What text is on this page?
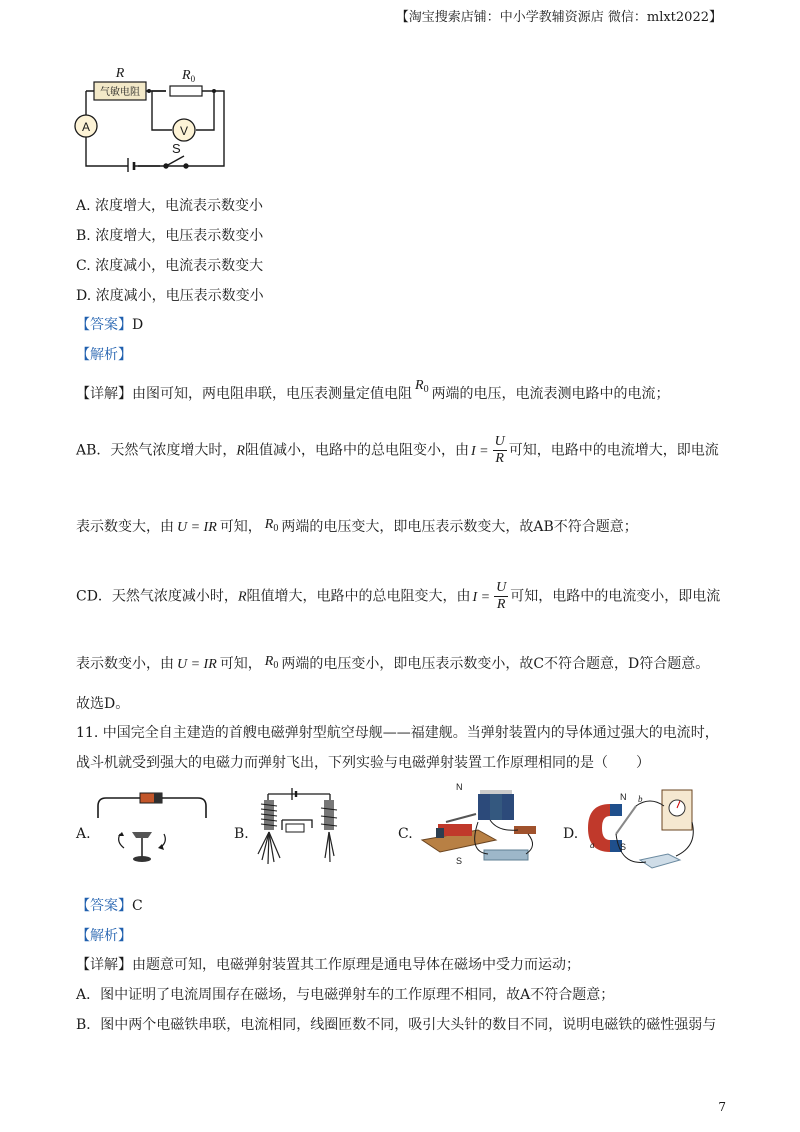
【淘宝搜索店铺：中小学教辅资源店 微信：mlxt2022】
气敏电阻
R	$R_0$
A	V
S
A. 浓度增大，电流表示数变小
B. 浓度增大，电压表示数变小
C. 浓度减小，电流表示数变大
D. 浓度减小，电压表示数变小
【答案】D
【解析】
【详解】由图可知，两电阻串联，电压表测量定值电阻$R_0$ 两端的电压，电流表测电路中的电流；
AB．天然气浓度增大时，R阻值减小，电路中的总电阻变小，由 $I = \frac{U}{R}$ 可知，电路中的电流增大，即电流
表示数变大，由 U = IR 可知， $R_0$ 两端的电压变大，即电压表示数变大，故AB不符合题意；
CD．天然气浓度减小时，R阻值增大，电路中的总电阻变大，由 $I = \frac{U}{R}$ 可知，电路中的电流变小，即电流
表示数变小，由 U = IR 可知， $R_0$ 两端的电压变小，即电压表示数变小，故C不符合题意，D符合题意。
故选D。
11. 中国完全自主建造的首艘电磁弹射型航空母舰——福建舰。当弹射装置内的导体通过强大的电流时，
战斗机就受到强大的电磁力而弹射飞出，下列实验与电磁弹射装置工作原理相同的是（　　）
A.	B.	C.
N
S
D.
N
S
a
b
【答案】C
【解析】
【详解】由题意可知，电磁弹射装置其工作原理是通电导体在磁场中受力而运动；
A．图中证明了电流周围存在磁场，与电磁弹射车的工作原理不相同，故A不符合题意；
B．图中两个电磁铁串联，电流相同，线圈匝数不同，吸引大头针的数目不同，说明电磁铁的磁性强弱与
7
